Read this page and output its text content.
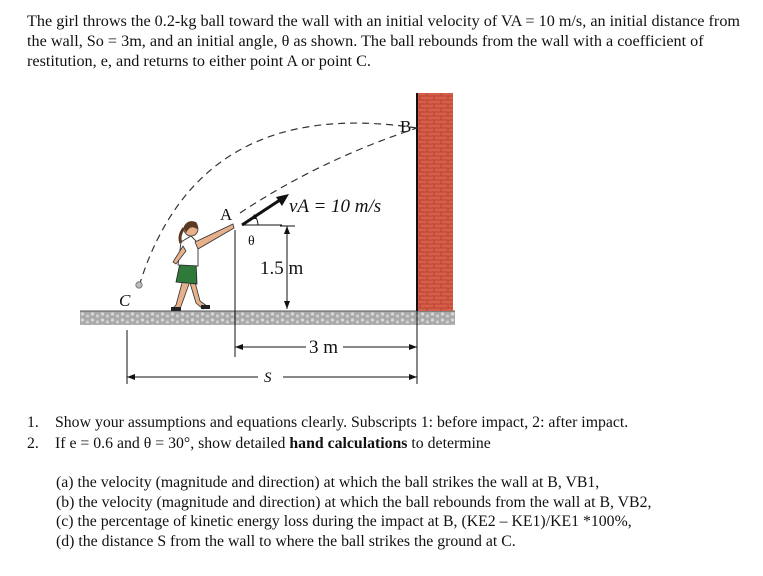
The girl throws the 0.2-kg ball toward the wall with an initial velocity of VA = 10 m/s, an initial distance from the wall, So = 3m, and an initial angle, θ as shown. The ball rebounds from the wall with a coefficient of restitution, e, and returns to either point A or point C.

B
A
C
vA = 10 m/s
θ
1.5 m
3 m
S
1.	Show your assumptions and equations clearly. Subscripts 1: before impact, 2: after impact.
2.	If e = 0.6 and θ = 30°, show detailed hand calculations to determine
(a) the velocity (magnitude and direction) at which the ball strikes the wall at B, VB1,
(b) the velocity (magnitude and direction) at which the ball rebounds from the wall at B, VB2,
(c) the percentage of kinetic energy loss during the impact at B, (KE2 – KE1)/KE1 *100%,
(d) the distance S from the wall to where the ball strikes the ground at C.
